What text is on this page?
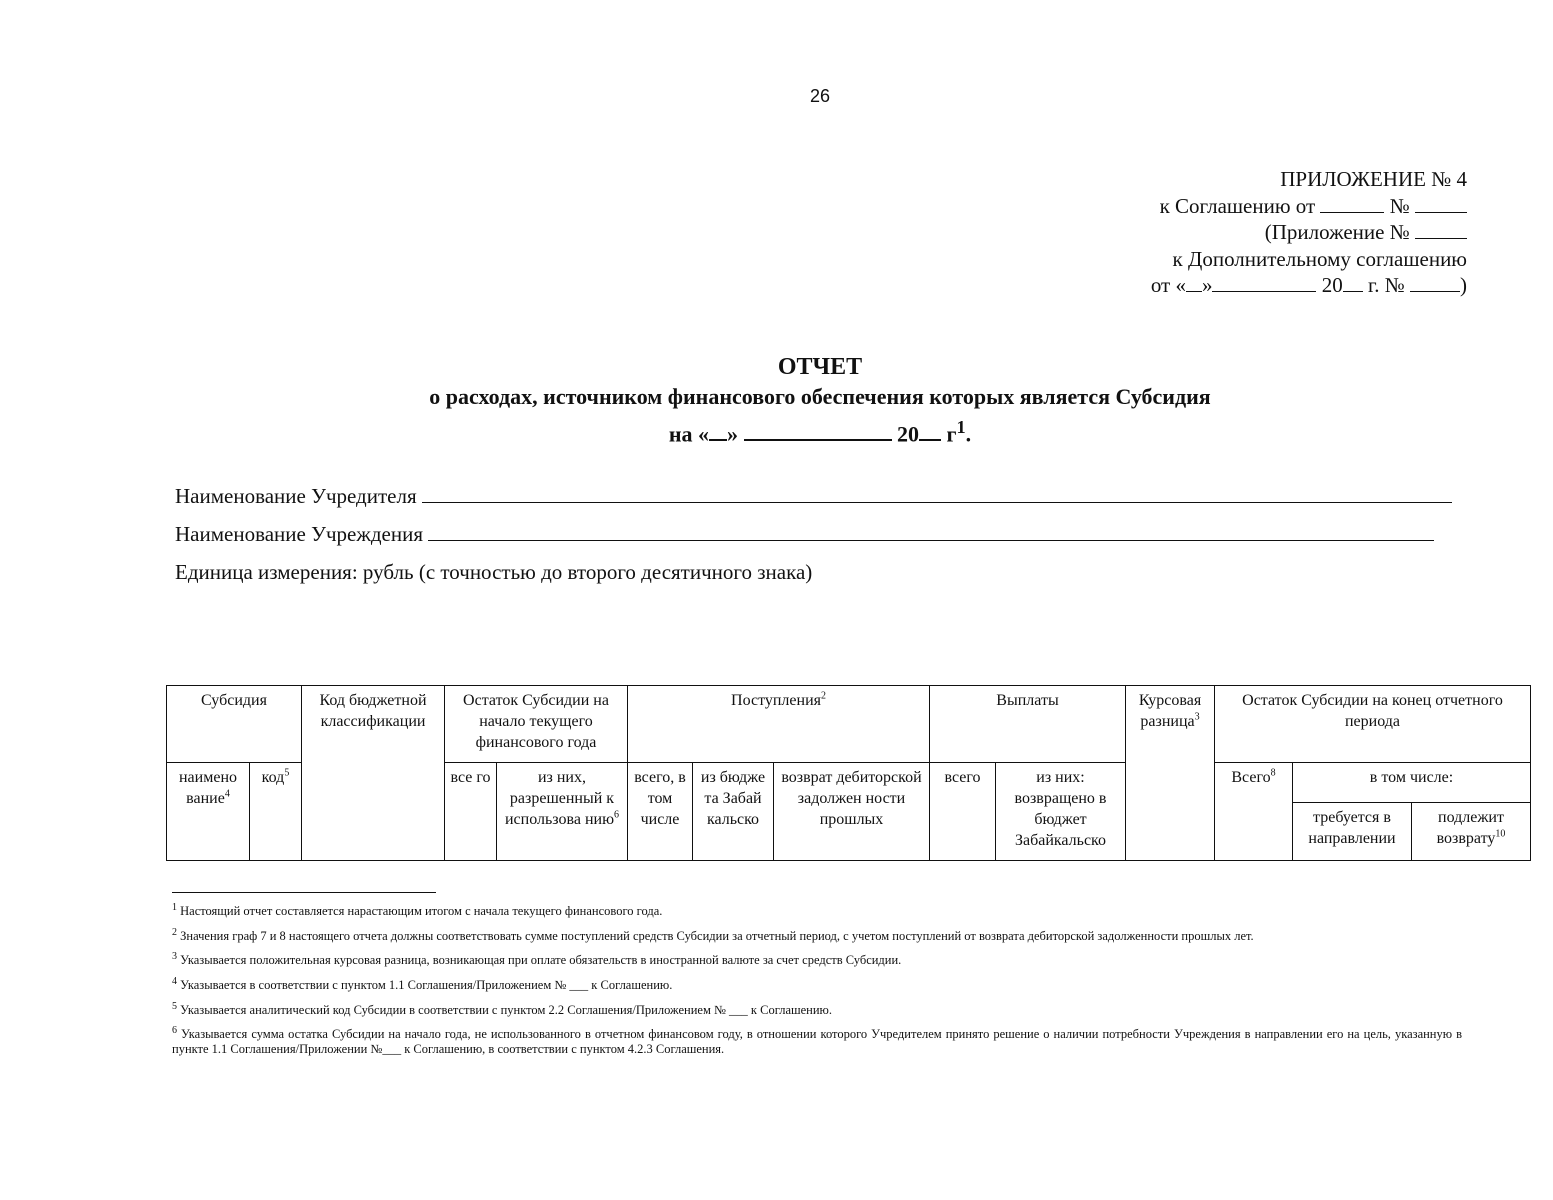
26
ПРИЛОЖЕНИЕ № 4
к Соглашению от	№
(Приложение №
к Дополнительному соглашению
от « »	20 г. №	)
ОТЧЕТ
о расходах, источником финансового обеспечения которых является Субсидия
на « »	20 $г^1$.
Наименование Учредителя
Наименование Учреждения
Единица измерения: рубль (с точностью до второго десятичного знака)
Субсидия		Код бюджетной классификации	Остаток Субсидии на начало текущего финансового года		Поступления$^2$			Выплаты		Курсовая разница$^3$	Остаток Субсидии на конец отчетного периода		
наимено вание$^4$	код$^5$		все го	из них, разрешенный к использова нию$^6$	всего, в том числе	из бюдже та Забай кальско	возврат дебиторской задолжен ности прошлых	всего	из них: возвращено в бюджет Забайкальско		Всего$^8$	в том числе:	
												требуется в направлении	подлежит возврату$^{10}$
$^1$ Настоящий отчет составляется нарастающим итогом с начала текущего финансового года.
$^2$ Значения граф 7 и 8 настоящего отчета должны соответствовать сумме поступлений средств Субсидии за отчетный период, с учетом поступлений от возврата дебиторской задолженности прошлых лет.
$^3$ Указывается положительная курсовая разница, возникающая при оплате обязательств в иностранной валюте за счет средств Субсидии.
$^4$ Указывается в соответствии с пунктом 1.1 Соглашения/Приложением № ___ к Соглашению.
$^5$ Указывается аналитический код Субсидии в соответствии с пунктом 2.2 Соглашения/Приложением № ___ к Соглашению.
$^6$ Указывается сумма остатка Субсидии на начало года, не использованного в отчетном финансовом году, в отношении которого Учредителем принято решение о наличии потребности Учреждения в направлении его на цель, указанную в пункте 1.1 Соглашения/Приложении №___ к Соглашению, в соответствии с пунктом 4.2.3 Соглашения.
